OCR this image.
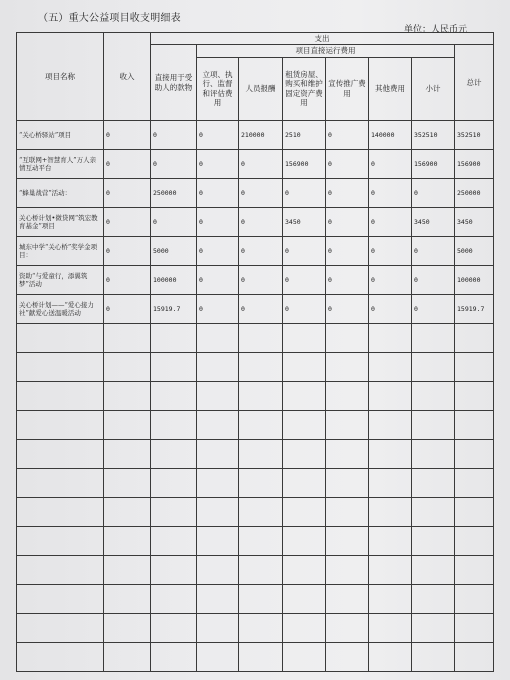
（五）重大公益项目收支明细表
单位：人民币元
项目名称	收入	支出							
		直接用于受助人的款物	项目直接运行费用						总计
			立项、执行、监督和评估费用	人员报酬	租赁房屋、购买和维护固定资产费用	宣传推广费用	其他费用	小计	
“关心桥驿站”项目	0	0	0	210000	2510	0	140000	352510	352510
“互联网+智慧育人”万人亲情互动平台	0	0	0	0	156900	0	0	156900	156900
“蜂巢战营”活动：	0	250000	0	0	0	0	0	0	250000
关心桥计划•微贷网“筑宏教育基金”项目	0	0	0	0	3450	0	0	3450	3450
城东中学“关心桥”奖学金项目：	0	5000	0	0	0	0	0	0	5000
资助“与爱童行，添翼筑梦”活动	0	100000	0	0	0	0	0	0	100000
关心桥计划——“爱心接力社”献爱心送温暖活动	0	15919.7	0	0	0	0	0	0	15919.7
